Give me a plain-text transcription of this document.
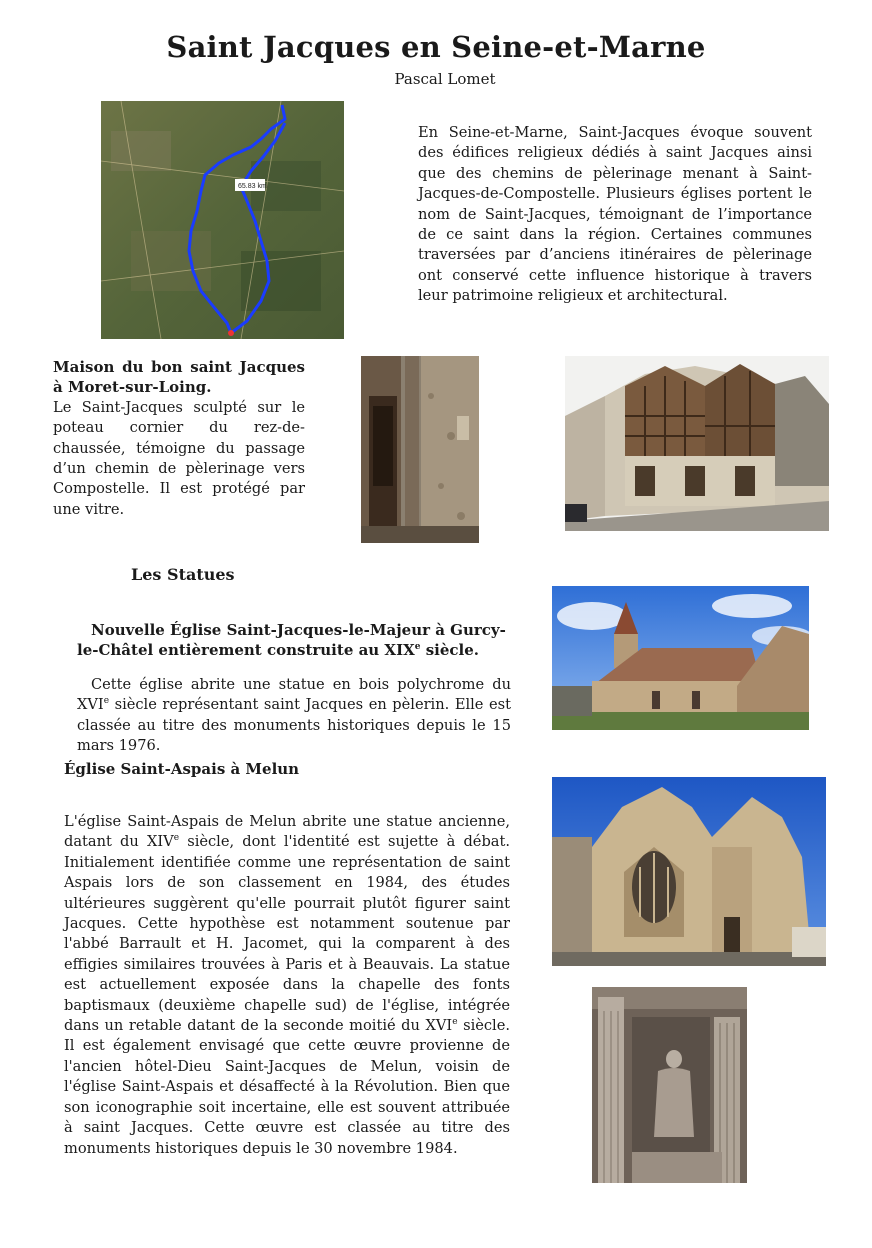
Saint Jacques en Seine-et-Marne
Pascal Lomet
65.83 km

En Seine-et-Marne, Saint-Jacques évoque souvent des édifices religieux dédiés à saint Jacques ainsi que des chemins de pèlerinage menant à Saint-Jacques-de-Compostelle. Plusieurs églises portent le nom de Saint-Jacques, témoignant de l’importance de ce saint dans la région. Certaines communes traversées par d’anciens itinéraires de pèlerinage ont conservé cette influence historique à travers leur patrimoine religieux et architectural.

Maison du bon saint Jacques à Moret-sur-Loing.

Le Saint-Jacques sculpté sur le poteau cornier du rez-de-chaussée, témoigne du passage d’un chemin de pèlerinage vers Compostelle. Il est protégé par une vitre.

Les Statues

Nouvelle Église Saint-Jacques-le-Majeur à Gurcy-le-Châtel entièrement construite au XIXe siècle.

Cette église abrite une statue en bois polychrome du XVIe siècle représentant saint Jacques en pèlerin. Elle est classée au titre des monuments historiques depuis le 15 mars 1976.

Église Saint-Aspais à Melun

L'église Saint-Aspais de Melun abrite une statue ancienne, datant du XIVe siècle, dont l'identité est sujette à débat. Initialement identifiée comme une représentation de saint Aspais lors de son classement en 1984, des études ultérieures suggèrent qu'elle pourrait plutôt figurer saint Jacques. Cette hypothèse est notamment soutenue par l'abbé Barrault et H. Jacomet, qui la comparent à des effigies similaires trouvées à Paris et à Beauvais. La statue est actuellement exposée dans la chapelle des fonts baptismaux (deuxième chapelle sud) de l'église, intégrée dans un retable datant de la seconde moitié du XVIe siècle. Il est également envisagé que cette œuvre provienne de l'ancien hôtel-Dieu Saint-Jacques de Melun, voisin de l'église Saint-Aspais et désaffecté à la Révolution. Bien que son iconographie soit incertaine, elle est souvent attribuée à saint Jacques. Cette œuvre est classée au titre des monuments historiques depuis le 30 novembre 1984.
